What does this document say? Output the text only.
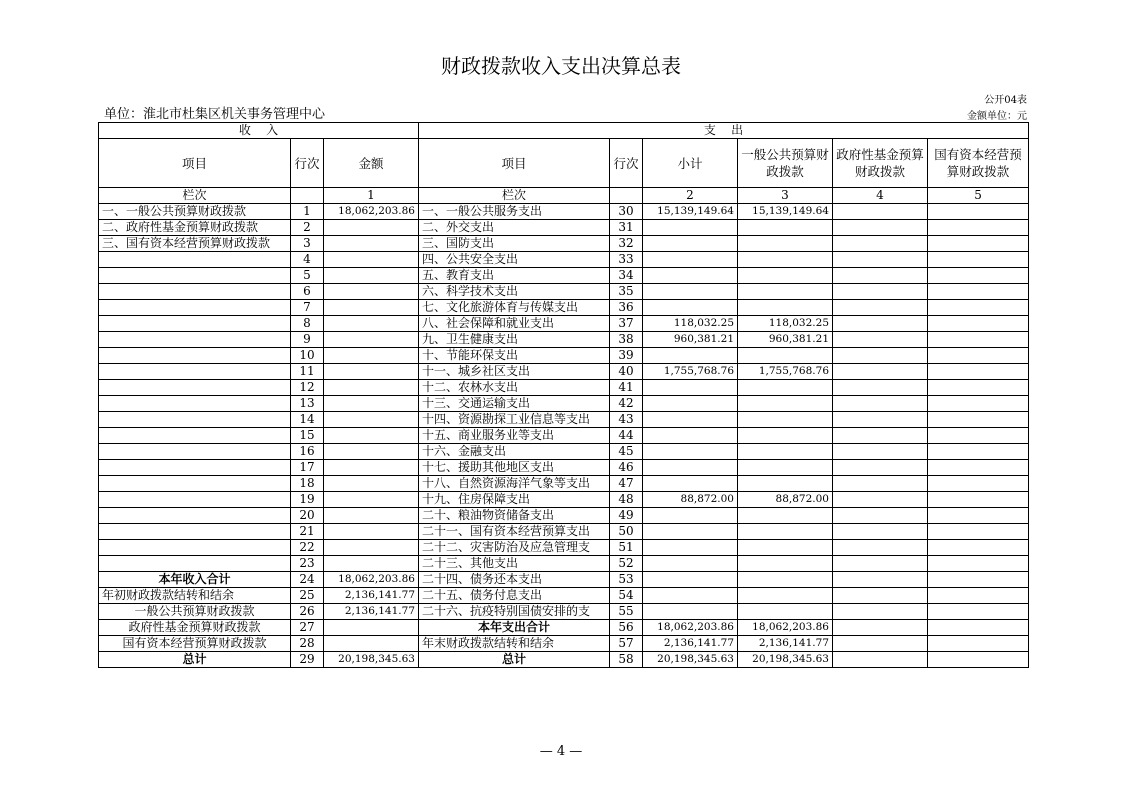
财政拨款收入支出决算总表
公开04表
单位：淮北市杜集区机关事务管理中心	金额单位：元
收    入			支    出					
项目	行次	金额	项目	行次	小计	一般公共预算财政拨款	政府性基金预算财政拨款	国有资本经营预算财政拨款
栏次		1	栏次		2	3	4	5
一、一般公共预算财政拨款	1	18,062,203.86	一、一般公共服务支出	30	15,139,149.64	15,139,149.64		
二、政府性基金预算财政拨款	2		二、外交支出	31				
三、国有资本经营预算财政拨款	3		三、国防支出	32				
	4		四、公共安全支出	33				
	5		五、教育支出	34				
	6		六、科学技术支出	35				
	7		七、文化旅游体育与传媒支出	36				
	8		八、社会保障和就业支出	37	118,032.25	118,032.25		
	9		九、卫生健康支出	38	960,381.21	960,381.21		
	10		十、节能环保支出	39				
	11		十一、城乡社区支出	40	1,755,768.76	1,755,768.76		
	12		十二、农林水支出	41				
	13		十三、交通运输支出	42				
	14		十四、资源勘探工业信息等支出	43				
	15		十五、商业服务业等支出	44				
	16		十六、金融支出	45				
	17		十七、援助其他地区支出	46				
	18		十八、自然资源海洋气象等支出	47				
	19		十九、住房保障支出	48	88,872.00	88,872.00		
	20		二十、粮油物资储备支出	49				
	21		二十一、国有资本经营预算支出	50				
	22		二十二、灾害防治及应急管理支	51				
	23		二十三、其他支出	52				
本年收入合计	24	18,062,203.86	二十四、债务还本支出	53				
年初财政拨款结转和结余	25	2,136,141.77	二十五、债务付息支出	54				
一般公共预算财政拨款	26	2,136,141.77	二十六、抗疫特别国债安排的支	55				
政府性基金预算财政拨款	27		本年支出合计	56	18,062,203.86	18,062,203.86		
国有资本经营预算财政拨款	28		年末财政拨款结转和结余	57	2,136,141.77	2,136,141.77		
总计	29	20,198,345.63	总计	58	20,198,345.63	20,198,345.63		
— 4 —
